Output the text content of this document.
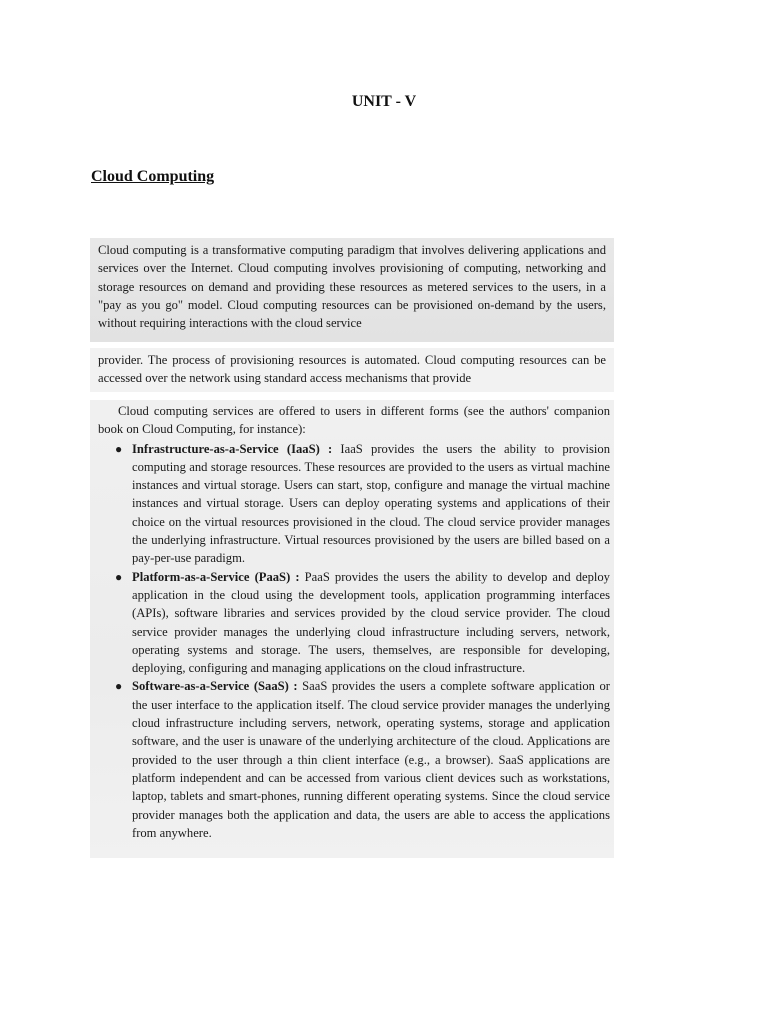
UNIT - V
Cloud Computing

Cloud computing is a transformative computing paradigm that involves delivering applications and services over the Internet. Cloud computing involves provisioning of computing, networking and storage resources on demand and providing these resources as metered services to the users, in a "pay as you go" model. Cloud computing resources can be provisioned on-demand by the users, without requiring interactions with the cloud service

provider. The process of provisioning resources is automated. Cloud computing resources can be accessed over the network using standard access mechanisms that provide

Cloud computing services are offered to users in different forms (see the authors' companion book on Cloud Computing, for instance):

● Infrastructure-as-a-Service (IaaS) : IaaS provides the users the ability to provision computing and storage resources. These resources are provided to the users as virtual machine instances and virtual storage. Users can start, stop, configure and manage the virtual machine instances and virtual storage. Users can deploy operating systems and applications of their choice on the virtual resources provisioned in the cloud. The cloud service provider manages the underlying infrastructure. Virtual resources provisioned by the users are billed based on a pay-per-use paradigm.
● Platform-as-a-Service (PaaS) : PaaS provides the users the ability to develop and deploy application in the cloud using the development tools, application programming interfaces (APIs), software libraries and services provided by the cloud service provider. The cloud service provider manages the underlying cloud infrastructure including servers, network, operating systems and storage. The users, themselves, are responsible for developing, deploying, configuring and managing applications on the cloud infrastructure.
● Software-as-a-Service (SaaS) : SaaS provides the users a complete software application or the user interface to the application itself. The cloud service provider manages the underlying cloud infrastructure including servers, network, operating systems, storage and application software, and the user is unaware of the underlying architecture of the cloud. Applications are provided to the user through a thin client interface (e.g., a browser). SaaS applications are platform independent and can be accessed from various client devices such as workstations, laptop, tablets and smart-phones, running different operating systems. Since the cloud service provider manages both the application and data, the users are able to access the applications from anywhere.
